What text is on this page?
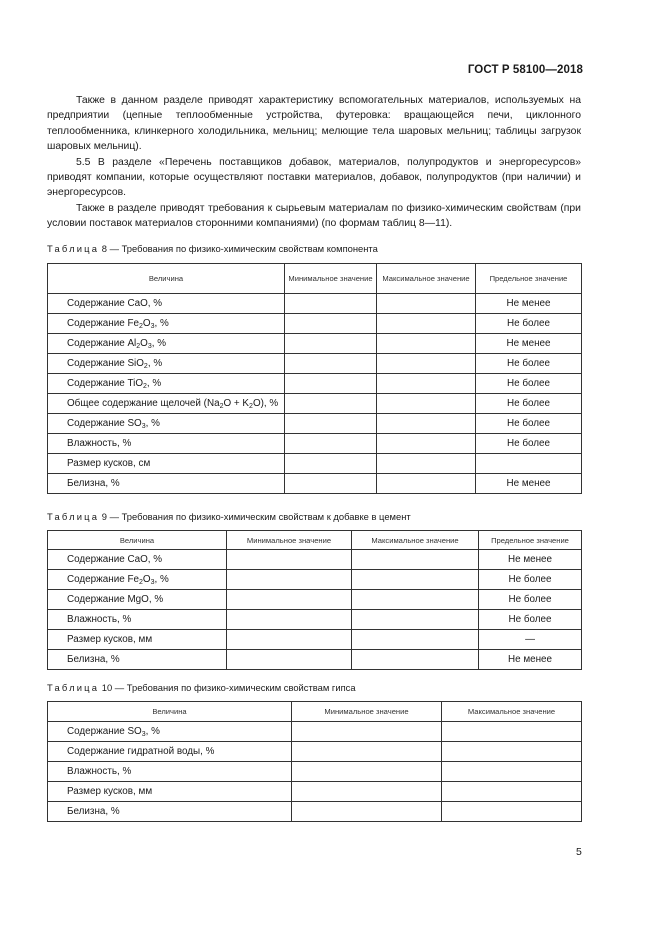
ГОСТ Р 58100—2018

Также в данном разделе приводят характеристику вспомогательных материалов, используемых на предприятии (цепные теплообменные устройства, футеровка: вращающейся печи, циклонного теплообменника, клинкерного холодильника, мельниц; мелющие тела шаровых мельниц; таблицы загрузок шаровых мельниц).

5.5 В разделе «Перечень поставщиков добавок, материалов, полупродуктов и энергоресурсов» приводят компании, которые осуществляют поставки материалов, добавок, полупродуктов (при наличии) и энергоресурсов.

Также в разделе приводят требования к сырьевым материалам по физико-химическим свойствам (при условии поставок материалов сторонними компаниями) (по формам таблиц 8—11).

Таблица 8 — Требования по физико-химическим свойствам компонента
Величина	Минимальное значение	Максимальное значение	Предельное значение
Содержание CaO, %			Не менее
Содержание $Fe_2O_3$, %			Не более
Содержание $Al_2O_3$, %			Не менее
Содержание SiO$_2$, %			Не более
Содержание TiO$_2$, %			Не более
Общее содержание щелочей $(Na_2O + K_2O)$, %			Не более
Содержание $SO_3$, %			Не более
Влажность, %			Не более
Размер кусков, см			
Белизна, %			Не менее
Таблица 9 — Требования по физико-химическим свойствам к добавке в цемент
Величина	Минимальное значение	Максимальное значение	Предельное значение
Содержание CaO, %			Не менее
Содержание $Fe_2O_3$, %			Не более
Содержание MgO, %			Не более
Влажность, %			Не более
Размер кусков, мм			—
Белизна, %			Не менее
Таблица 10 — Требования по физико-химическим свойствам гипса
Величина	Минимальное значение	Максимальное значение
Содержание $SO_3$, %		
Содержание гидратной воды, %		
Влажность, %		
Размер кусков, мм		
Белизна, %		
5
